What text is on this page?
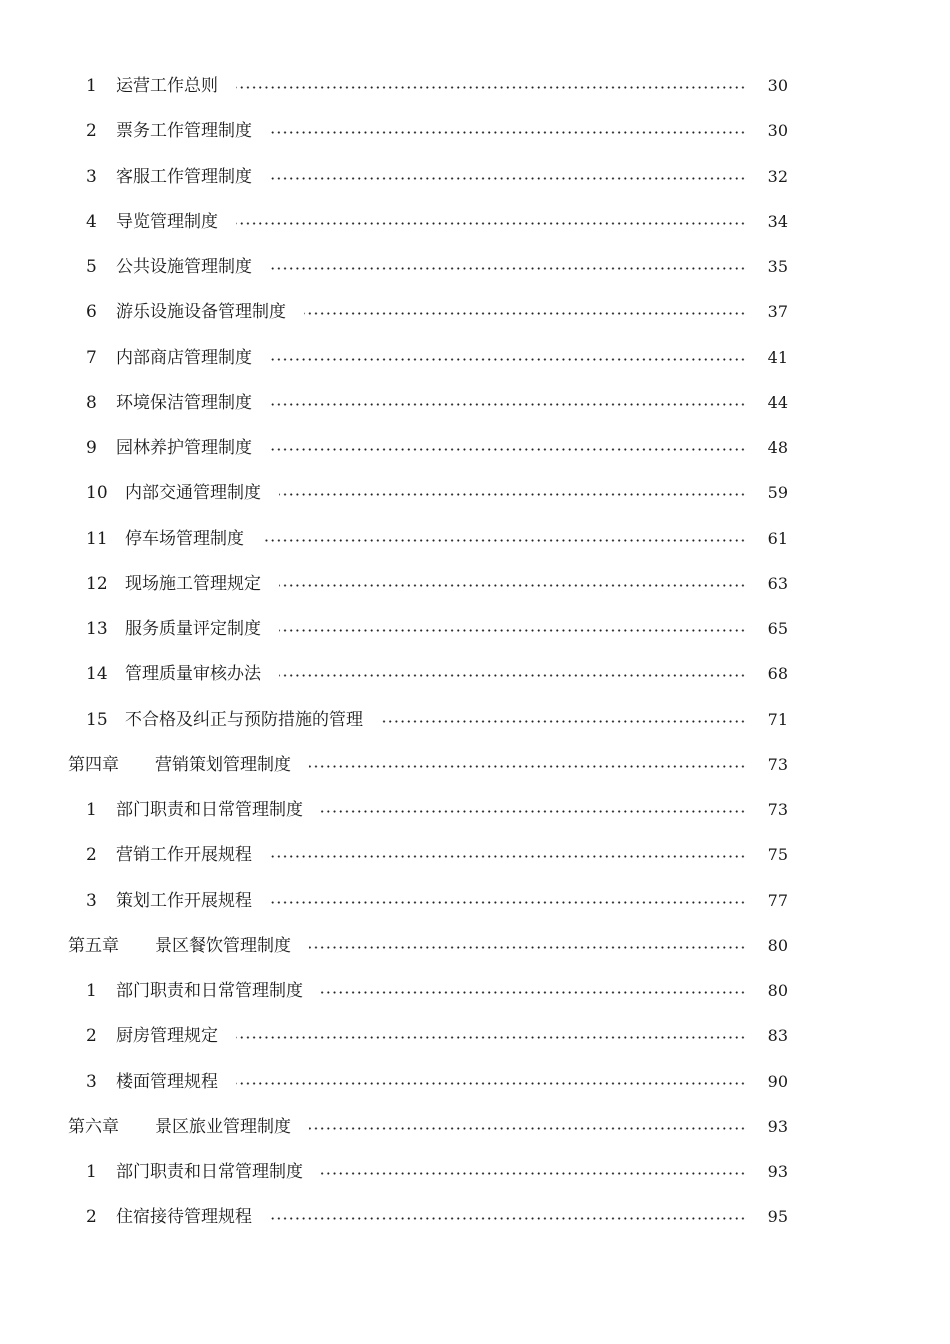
1 运营工作总则	30
2 票务工作管理制度	30
3 客服工作管理制度	32
4 导览管理制度	34
5 公共设施管理制度	35
6 游乐设施设备管理制度	37
7 内部商店管理制度	41
8 环境保洁管理制度	44
9 园林养护管理制度	48
10 内部交通管理制度	59
11 停车场管理制度	61
12 现场施工管理规定	63
13 服务质量评定制度	65
14 管理质量审核办法	68
15 不合格及纠正与预防措施的管理	71
第四章 营销策划管理制度	73
1 部门职责和日常管理制度	73
2 营销工作开展规程	75
3 策划工作开展规程	77
第五章 景区餐饮管理制度	80
1 部门职责和日常管理制度	80
2 厨房管理规定	83
3 楼面管理规程	90
第六章 景区旅业管理制度	93
1 部门职责和日常管理制度	93
2 住宿接待管理规程	95
